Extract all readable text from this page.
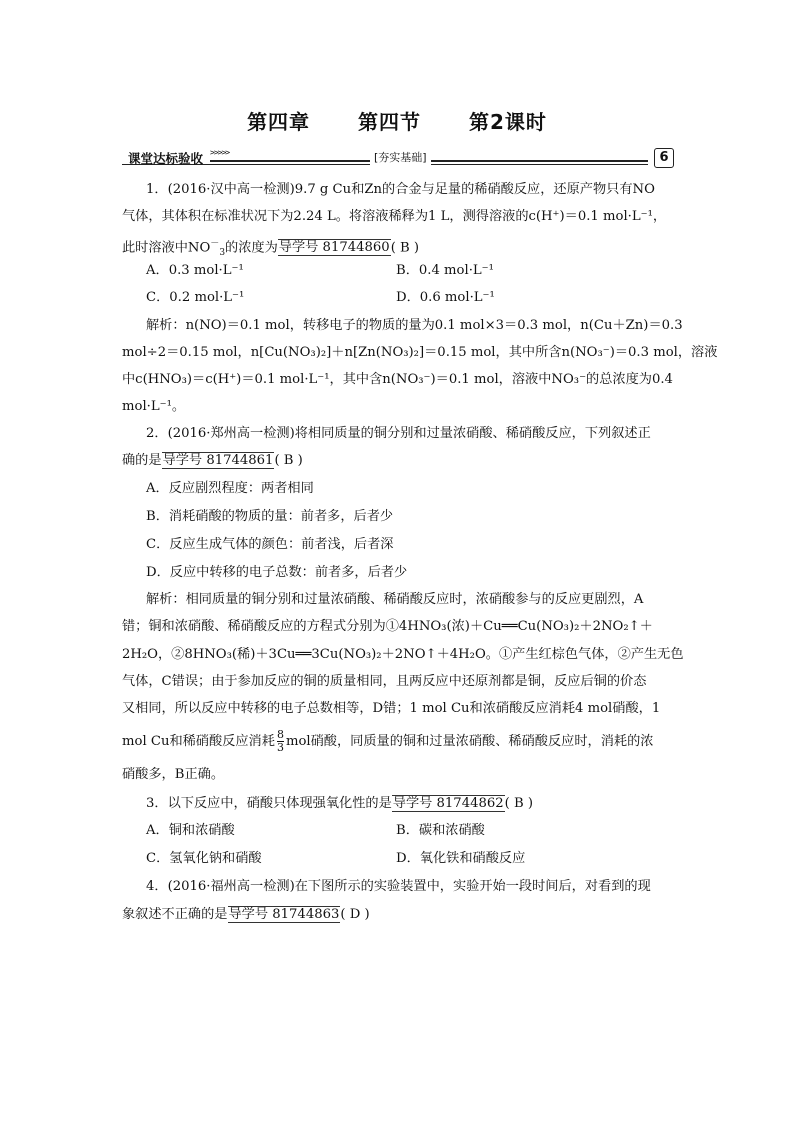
第四章 第四节 第2课时
课堂达标验收 >>>>>	[夯实基础]	6
1．(2016·汉中高一检测)9.7 g Cu和Zn的合金与足量的稀硝酸反应，还原产物只有NO
气体，其体积在标准状况下为2.24 L。将溶液稀释为1 L，测得溶液的c(H⁺)＝0.1 mol·L⁻¹，
此时溶液中$NO^-_3$的浓度为导学号 81744860( B )
A．0.3 mol·L⁻¹	B．0.4 mol·L⁻¹
C．0.2 mol·L⁻¹	D．0.6 mol·L⁻¹
解析：n(NO)＝0.1 mol，转移电子的物质的量为0.1 mol×3＝0.3 mol，n(Cu＋Zn)＝0.3
mol÷2＝0.15 mol，n[Cu(NO₃)₂]＋n[Zn(NO₃)₂]＝0.15 mol，其中所含n(NO₃⁻)＝0.3 mol，溶液
中c(HNO₃)＝c(H⁺)＝0.1 mol·L⁻¹，其中含n(NO₃⁻)＝0.1 mol，溶液中NO₃⁻的总浓度为0.4
mol·L⁻¹。
2．(2016·郑州高一检测)将相同质量的铜分别和过量浓硝酸、稀硝酸反应，下列叙述正
确的是导学号 81744861( B )
A．反应剧烈程度：两者相同
B．消耗硝酸的物质的量：前者多，后者少
C．反应生成气体的颜色：前者浅，后者深
D．反应中转移的电子总数：前者多，后者少
解析：相同质量的铜分别和过量浓硝酸、稀硝酸反应时，浓硝酸参与的反应更剧烈，A
错；铜和浓硝酸、稀硝酸反应的方程式分别为①4HNO₃(浓)＋Cu══Cu(NO₃)₂＋2NO₂↑＋
2H₂O，②8HNO₃(稀)＋3Cu══3Cu(NO₃)₂＋2NO↑＋4H₂O。①产生红棕色气体，②产生无色
气体，C错误；由于参加反应的铜的质量相同，且两反应中还原剂都是铜，反应后铜的价态
又相同，所以反应中转移的电子总数相等，D错；1 mol Cu和浓硝酸反应消耗4 mol硝酸，1
mol Cu和稀硝酸反应消耗 $\frac{8}{3}$ mol硝酸，同质量的铜和过量浓硝酸、稀硝酸反应时，消耗的浓
硝酸多，B正确。
3．以下反应中，硝酸只体现强氧化性的是导学号 81744862( B )
A．铜和浓硝酸	B．碳和浓硝酸
C．氢氧化钠和硝酸	D．氧化铁和硝酸反应
4．(2016·福州高一检测)在下图所示的实验装置中，实验开始一段时间后，对看到的现
象叙述不正确的是导学号 81744863( D )
